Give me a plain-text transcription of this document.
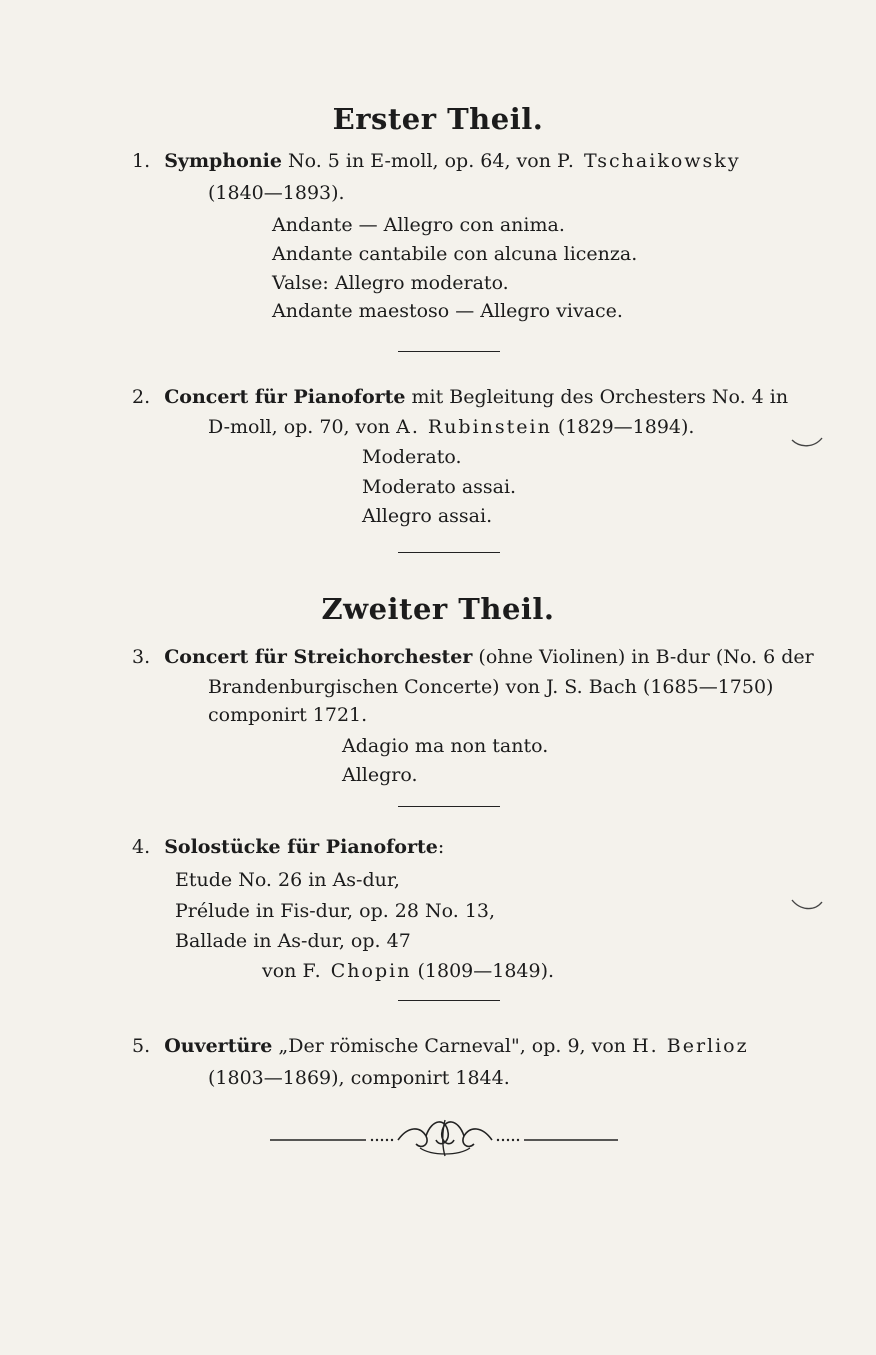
Erster Theil.
1. Symphonie No. 5 in E-moll, op. 64, von P. Tschaikowsky
(1840—1893).
Andante — Allegro con anima.
Andante cantabile con alcuna licenza.
Valse: Allegro moderato.
Andante maestoso — Allegro vivace.
2. Concert für Pianoforte mit Begleitung des Orchesters No. 4 in
D-moll, op. 70, von A. Rubinstein (1829—1894).
Moderato.
Moderato assai.
Allegro assai.
Zweiter Theil.
3. Concert für Streichorchester (ohne Violinen) in B-dur (No. 6 der
Brandenburgischen Concerte) von J. S. Bach (1685—1750)
componirt 1721.
Adagio ma non tanto.
Allegro.
4. Solostücke für Pianoforte:
Etude No. 26 in As-dur,
Prélude in Fis-dur, op. 28 No. 13,
Ballade in As-dur, op. 47
von F. Chopin (1809—1849).
5. Ouvertüre „Der römische Carneval", op. 9, von H. Berlioz
(1803—1869), componirt 1844.
